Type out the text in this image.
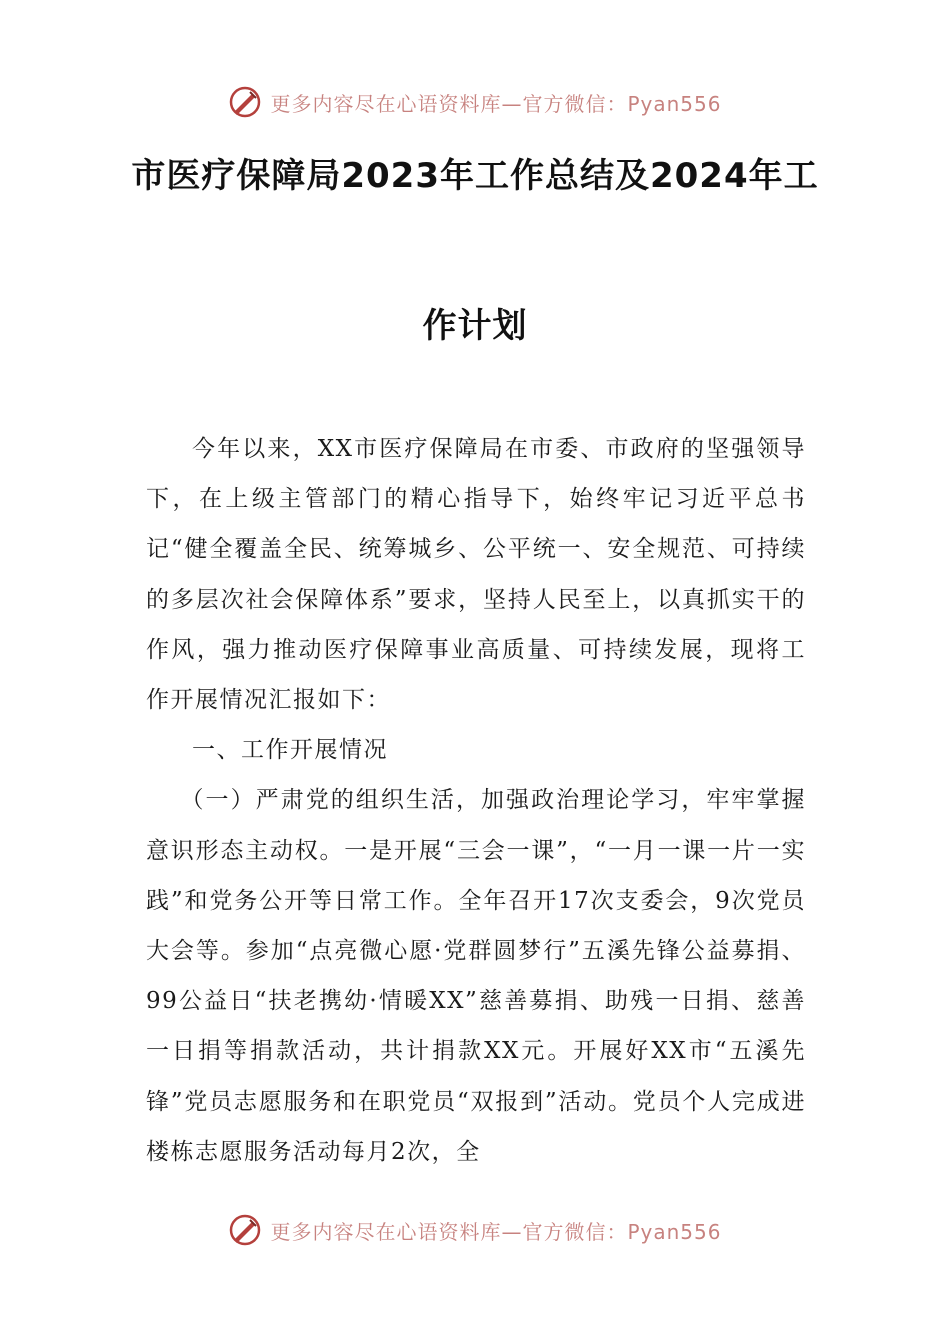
更多内容尽在心语资料库—官方微信：Pyan556
市医疗保障局2023年工作总结及2024年工
作计划

今年以来，XX市医疗保障局在市委、市政府的坚强领导下，在上级主管部门的精心指导下，始终牢记习近平总书记“健全覆盖全民、统筹城乡、公平统一、安全规范、可持续的多层次社会保障体系”要求，坚持人民至上，以真抓实干的作风，强力推动医疗保障事业高质量、可持续发展，现将工作开展情况汇报如下：

一、工作开展情况

（一）严肃党的组织生活，加强政治理论学习，牢牢掌握意识形态主动权。一是开展“三会一课”，“一月一课一片一实践”和党务公开等日常工作。全年召开17次支委会，9次党员大会等。参加“点亮微心愿·党群圆梦行”五溪先锋公益募捐、99公益日“扶老携幼·情暖XX”慈善募捐、助残一日捐、慈善一日捐等捐款活动，共计捐款XX元。开展好XX市“五溪先锋”党员志愿服务和在职党员“双报到”活动。党员个人完成进楼栋志愿服务活动每月2次，全

更多内容尽在心语资料库—官方微信：Pyan556
